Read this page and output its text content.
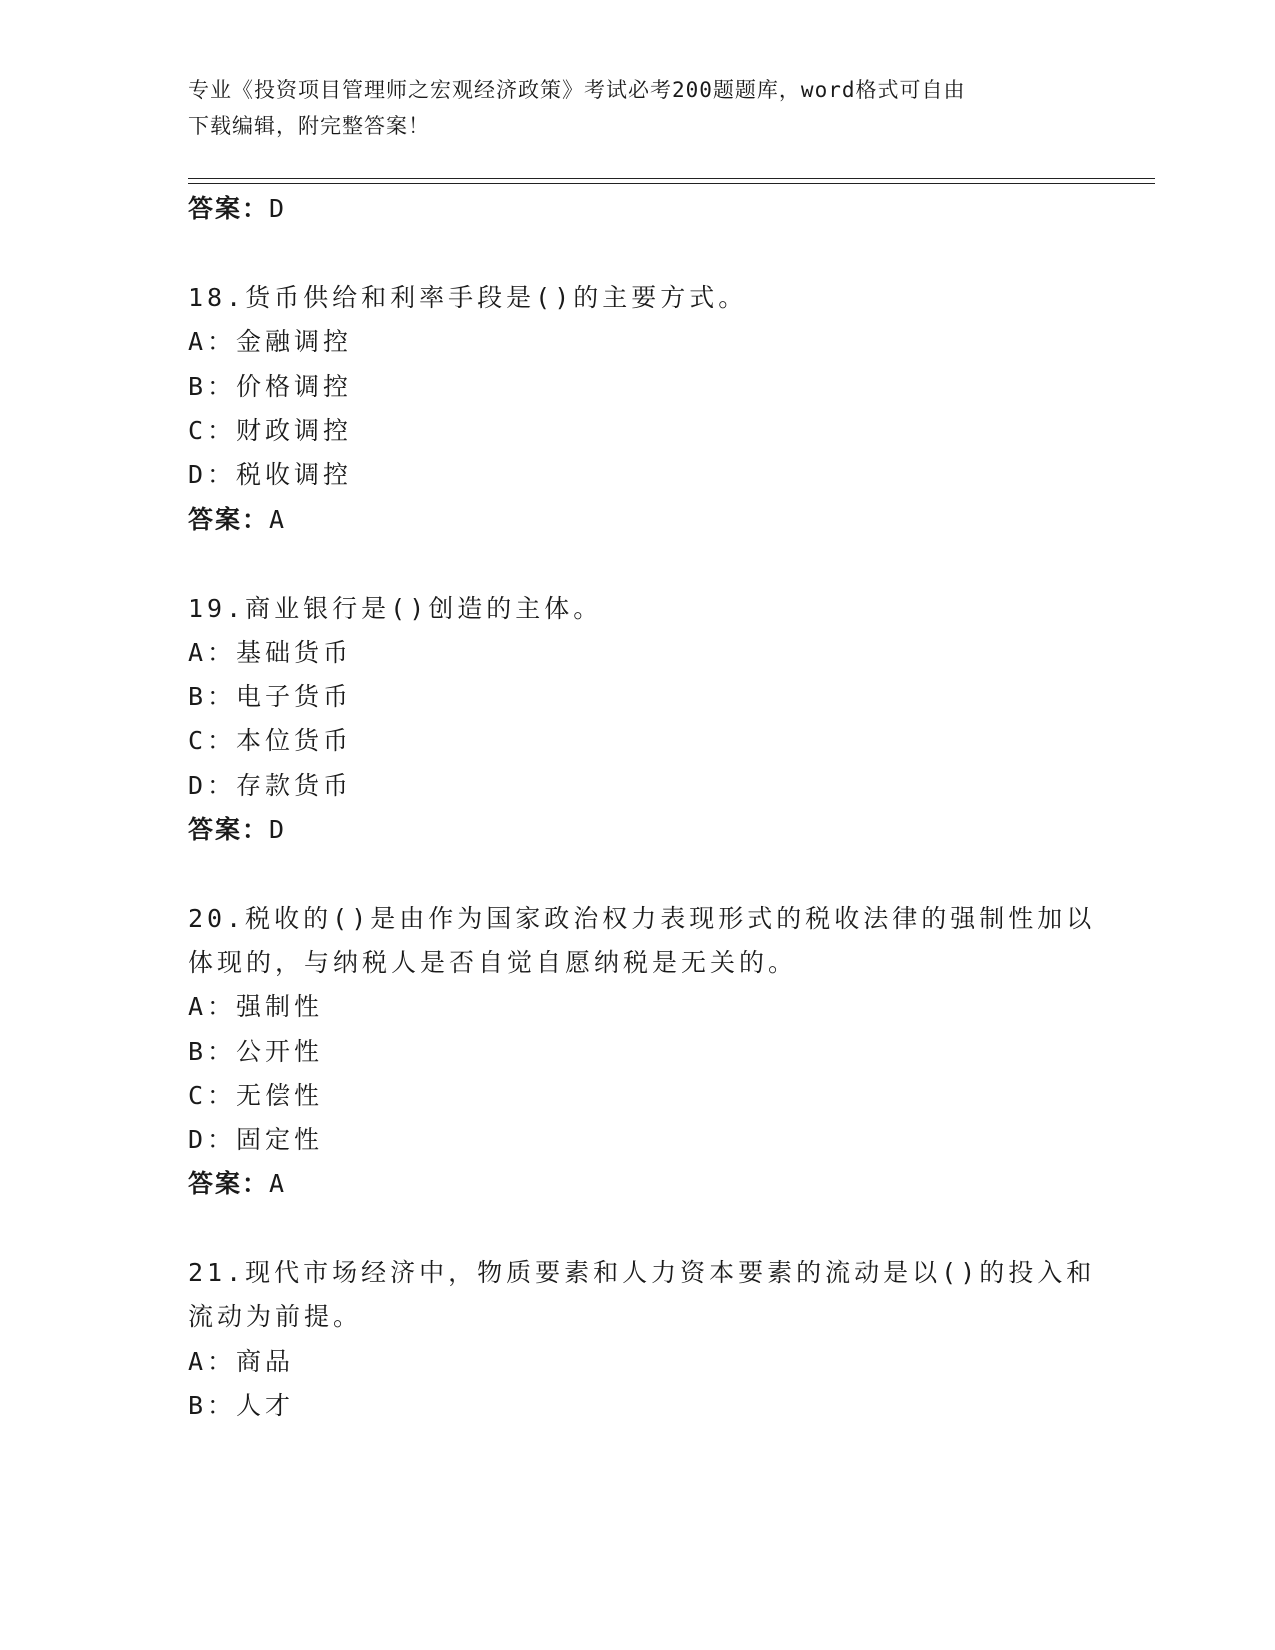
专业《投资项目管理师之宏观经济政策》考试必考200题题库，word格式可自由
下载编辑，附完整答案！
答案：D
18.货币供给和利率手段是()的主要方式。
A：金融调控
B：价格调控
C：财政调控
D：税收调控
答案：A
19.商业银行是()创造的主体。
A：基础货币
B：电子货币
C：本位货币
D：存款货币
答案：D
20.税收的()是由作为国家政治权力表现形式的税收法律的强制性加以
体现的，与纳税人是否自觉自愿纳税是无关的。
A：强制性
B：公开性
C：无偿性
D：固定性
答案：A
21.现代市场经济中，物质要素和人力资本要素的流动是以()的投入和
流动为前提。
A：商品
B：人才
